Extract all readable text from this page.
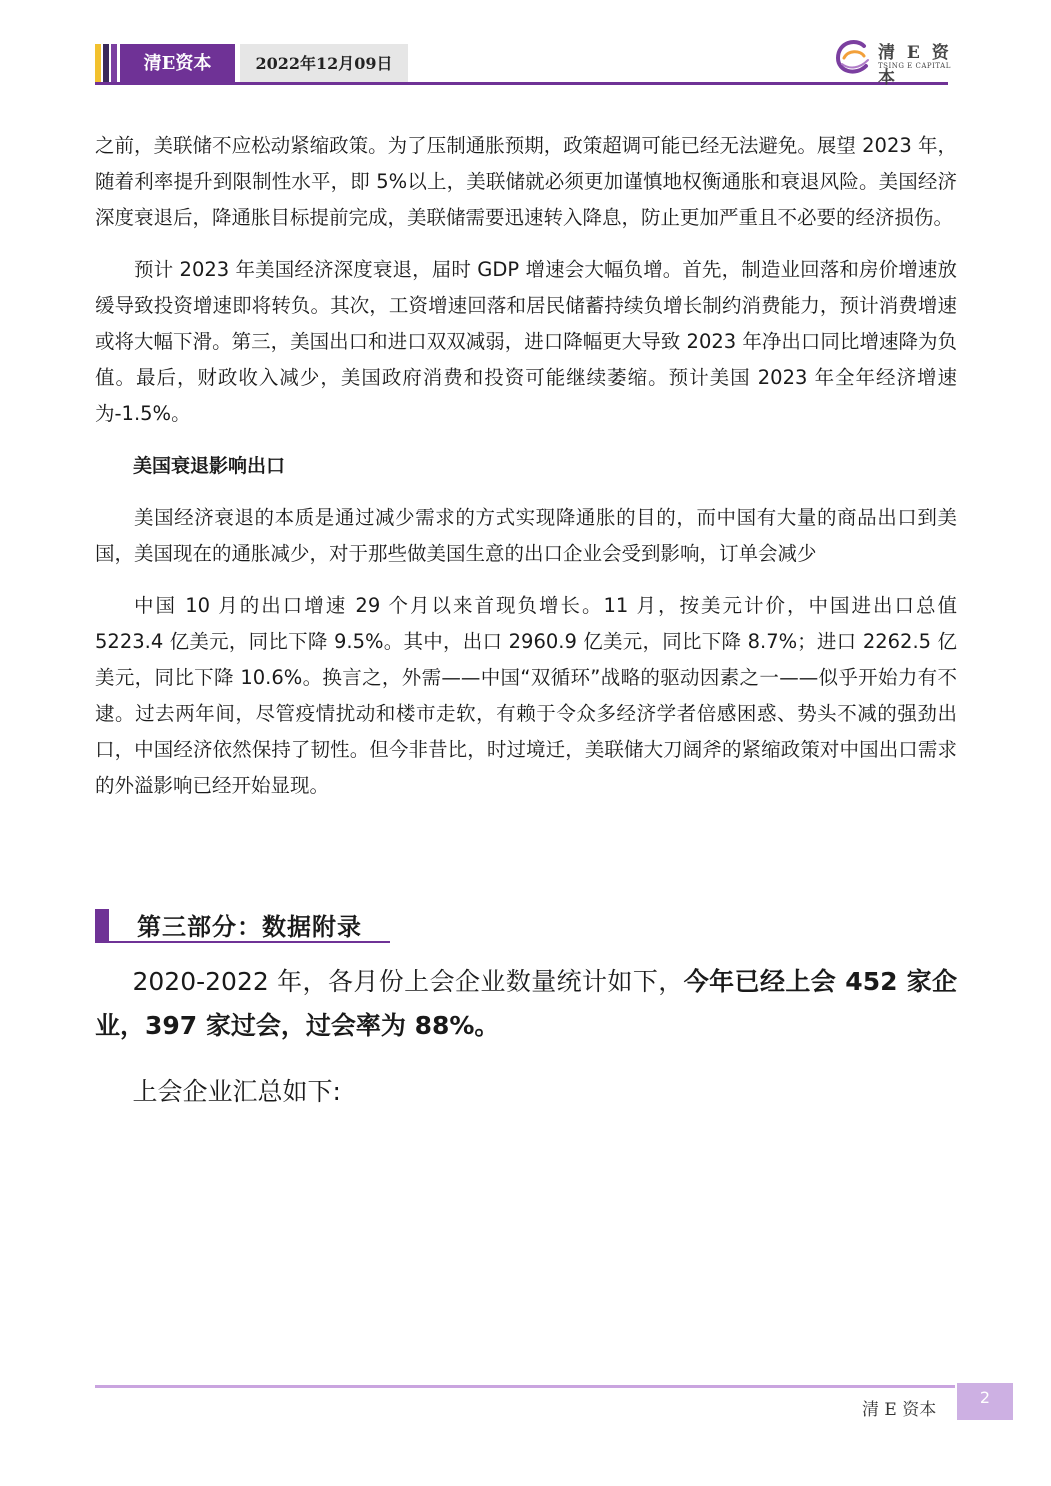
清E资本	2022年12月09日
清 E 资 本
TSING E CAPITAL

之前，美联储不应松动紧缩政策。为了压制通胀预期，政策超调可能已经无法避免。展望 2023 年，随着利率提升到限制性水平，即 5%以上，美联储就必须更加谨慎地权衡通胀和衰退风险。美国经济深度衰退后，降通胀目标提前完成，美联储需要迅速转入降息，防止更加严重且不必要的经济损伤。

预计 2023 年美国经济深度衰退，届时 GDP 增速会大幅负增。首先，制造业回落和房价增速放缓导致投资增速即将转负。其次，工资增速回落和居民储蓄持续负增长制约消费能力，预计消费增速或将大幅下滑。第三，美国出口和进口双双减弱，进口降幅更大导致 2023 年净出口同比增速降为负值。最后，财政收入减少，美国政府消费和投资可能继续萎缩。预计美国 2023 年全年经济增速为-1.5%。

美国衰退影响出口

美国经济衰退的本质是通过减少需求的方式实现降通胀的目的，而中国有大量的商品出口到美国，美国现在的通胀减少，对于那些做美国生意的出口企业会受到影响，订单会减少

中国 10 月的出口增速 29 个月以来首现负增长。11 月，按美元计价，中国进出口总值 5223.4 亿美元，同比下降 9.5%。其中，出口 2960.9 亿美元，同比下降 8.7%；进口 2262.5 亿美元，同比下降 10.6%。换言之，外需——中国“双循环”战略的驱动因素之一——似乎开始力有不逮。过去两年间，尽管疫情扰动和楼市走软，有赖于令众多经济学者倍感困惑、势头不减的强劲出口，中国经济依然保持了韧性。但今非昔比，时过境迁，美联储大刀阔斧的紧缩政策对中国出口需求的外溢影响已经开始显现。

第三部分：数据附录

2020-2022 年，各月份上会企业数量统计如下，今年已经上会 452 家企业，397 家过会，过会率为 88%。

上会企业汇总如下:

清 E 资本
2
